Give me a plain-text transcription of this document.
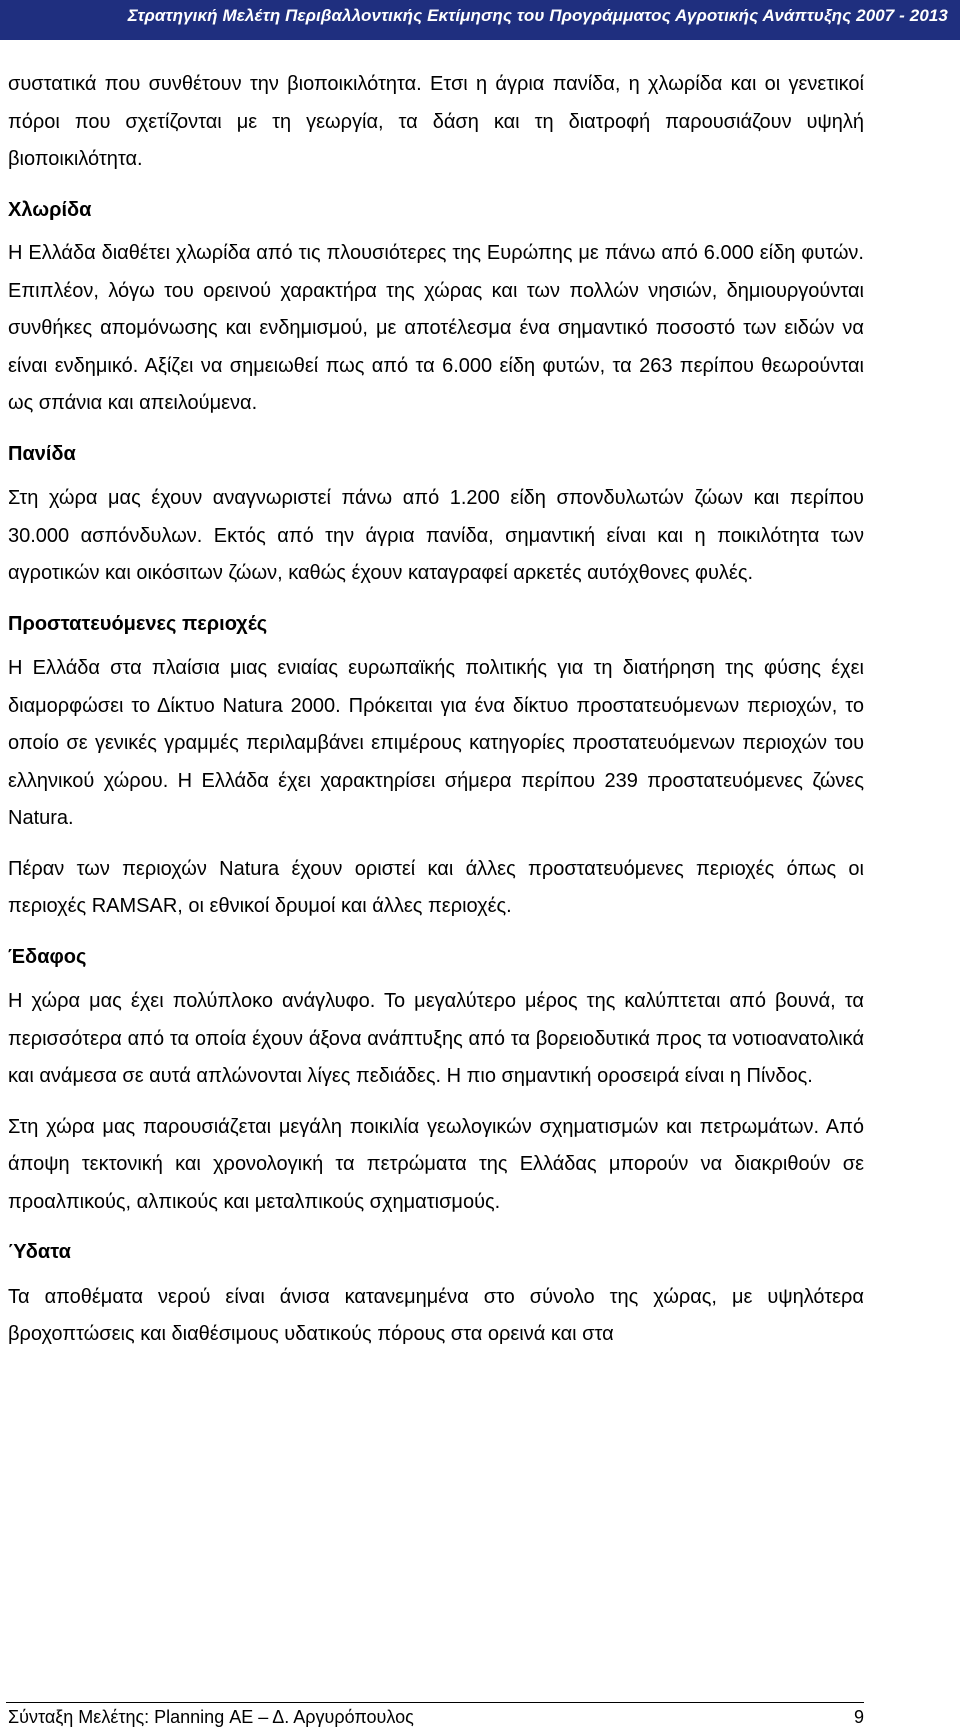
Στρατηγική Μελέτη Περιβαλλοντικής Εκτίμησης του Προγράμματος Αγροτικής Ανάπτυξης 2007 - 2013

συστατικά που συνθέτουν την βιοποικιλότητα. Ετσι η άγρια πανίδα, η χλωρίδα και οι γενετικοί πόροι που σχετίζονται με τη γεωργία, τα δάση και τη διατροφή παρουσιάζουν υψηλή βιοποικιλότητα.

Χλωρίδα

Η Ελλάδα διαθέτει χλωρίδα από τις πλουσιότερες της Ευρώπης με πάνω από 6.000 είδη φυτών. Επιπλέον, λόγω του ορεινού χαρακτήρα της χώρας και των πολλών νησιών, δημιουργούνται συνθήκες απομόνωσης και ενδημισμού, με αποτέλεσμα ένα σημαντικό ποσοστό των ειδών να είναι ενδημικό. Αξίζει να σημειωθεί πως από τα 6.000 είδη φυτών, τα 263 περίπου θεωρούνται ως σπάνια και απειλούμενα.

Πανίδα

Στη χώρα μας έχουν αναγνωριστεί πάνω από 1.200 είδη σπονδυλωτών ζώων και περίπου 30.000 ασπόνδυλων. Εκτός από την άγρια πανίδα, σημαντική είναι και η ποικιλότητα των αγροτικών και οικόσιτων ζώων, καθώς έχουν καταγραφεί αρκετές αυτόχθονες φυλές.

Προστατευόμενες περιοχές

Η Ελλάδα στα πλαίσια μιας ενιαίας ευρωπαϊκής πολιτικής για τη διατήρηση της φύσης έχει διαμορφώσει το Δίκτυο Natura 2000. Πρόκειται για ένα δίκτυο προστατευόμενων περιοχών, το οποίο σε γενικές γραμμές περιλαμβάνει επιμέρους κατηγορίες προστατευόμενων περιοχών του ελληνικού χώρου. Η Ελλάδα έχει χαρακτηρίσει σήμερα περίπου 239 προστατευόμενες ζώνες Natura.

Πέραν των περιοχών Natura έχουν οριστεί και άλλες προστατευόμενες περιοχές όπως οι περιοχές RAMSAR, οι εθνικοί δρυμοί και άλλες περιοχές.

Έδαφος

Η χώρα μας έχει πολύπλοκο ανάγλυφο. Το μεγαλύτερο μέρος της καλύπτεται από βουνά, τα περισσότερα από τα οποία έχουν άξονα ανάπτυξης από τα βορειοδυτικά προς τα νοτιοανατολικά και ανάμεσα σε αυτά απλώνονται λίγες πεδιάδες. Η πιο σημαντική οροσειρά είναι η Πίνδος.

Στη χώρα μας παρουσιάζεται μεγάλη ποικιλία γεωλογικών σχηματισμών και πετρωμάτων. Από άποψη τεκτονική και χρονολογική τα πετρώματα της Ελλάδας μπορούν να διακριθούν σε προαλπικούς, αλπικούς και μεταλπικούς σχηματισμούς.

Ύδατα

Τα αποθέματα νερού είναι άνισα κατανεμημένα στο σύνολο της χώρας, με υψηλότερα βροχοπτώσεις και διαθέσιμους υδατικούς πόρους στα ορεινά και στα

Σύνταξη Μελέτης: Planning ΑΕ – Δ. Αργυρόπουλος	9
